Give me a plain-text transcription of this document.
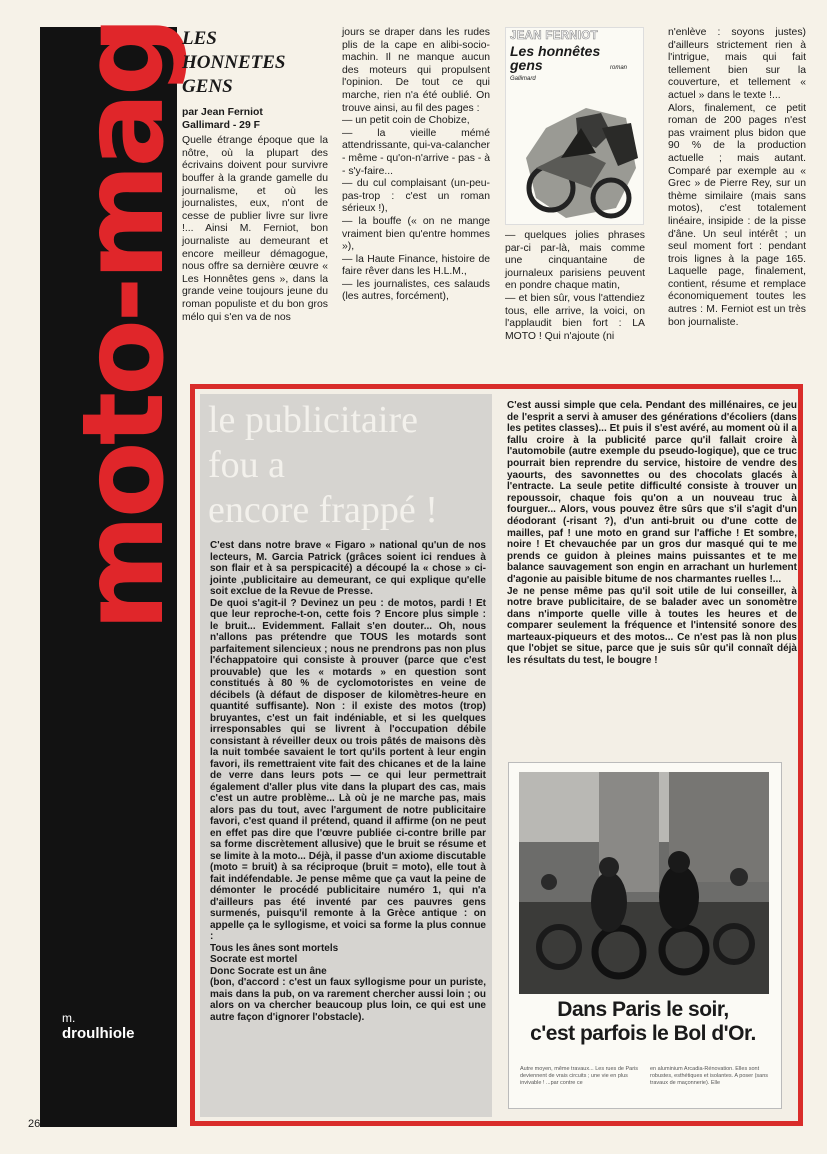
moto-mag
m.
droulhiole
26
LES
HONNETES
GENS
par Jean Ferniot
Gallimard - 29 F

Quelle étrange époque que la nôtre, où la plupart des écrivains doivent pour survivre bouffer à la grande gamelle du journalisme, et où les journalistes, eux, n'ont de cesse de publier livre sur livre !... Ainsi M. Ferniot, bon journaliste au demeurant et encore meilleur démagogue, nous offre sa dernière œuvre « Les Honnêtes gens », dans la grande veine toujours jeune du roman populiste et du bon gros mélo qui s'en va de nos

jours se draper dans les rudes plis de la cape en alibi-socio-machin. Il ne manque aucun des moteurs qui propulsent l'opinion. De tout ce qui marche, rien n'a été oublié. On trouve ainsi, au fil des pages :

— un petit coin de Chobize,

— la vieille mémé attendrissante, qui-va-calancher - même - qu'on-n'arrive - pas - à - s'y-faire...

— du cul complaisant (un-peu-pas-trop : c'est un roman sérieux !),

— la bouffe (« on ne mange vraiment bien qu'entre hommes »),

— la Haute Finance, histoire de faire rêver dans les H.L.M.,

— les journalistes, ces salauds (les autres, forcément),

JEAN FERNIOT
Les honnêtes
gens	roman
Gallimard

— quelques jolies phrases par-ci par-là, mais comme une cinquantaine de journaleux parisiens peuvent en pondre chaque matin,

— et bien sûr, vous l'attendiez tous, elle arrive, la voici, on l'applaudit bien fort : LA MOTO ! Qui n'ajoute (ni

n'enlève : soyons justes) d'ailleurs strictement rien à l'intrigue, mais qui fait tellement bien sur la couverture, et tellement « actuel » dans le texte !...

Alors, finalement, ce petit roman de 200 pages n'est pas vraiment plus bidon que 90 % de la production actuelle ; mais autant. Comparé par exemple au « Grec » de Pierre Rey, sur un thème similaire (mais sans motos), c'est totalement linéaire, insipide : de la pisse d'âne. Un seul intérêt ; un seul moment fort : pendant trois lignes à la page 165. Laquelle page, finalement, contient, résume et remplace économiquement toutes les autres : M. Ferniot est un très bon journaliste.

le publicitaire
fou a
encore frappé !

C'est dans notre brave « Figaro » national qu'un de nos lecteurs, M. Garcia Patrick (grâces soient ici rendues à son flair et à sa perspicacité) a découpé la « chose » ci-jointe ,publicitaire au demeurant, ce qui explique qu'elle soit exclue de la Revue de Presse.

De quoi s'agit-il ? Devinez un peu : de motos, pardi ! Et que leur reproche-t-on, cette fois ? Encore plus simple : le bruit... Evidemment. Fallait s'en douter... Oh, nous n'allons pas prétendre que TOUS les motards sont parfaitement silencieux ; nous ne prendrons pas non plus l'échappatoire qui consiste à prouver (parce que c'est prouvable) que les « motards » en question sont constitués à 80 % de cyclomotoristes en veine de décibels (à défaut de disposer de kilomètres-heure en quantité suffisante). Non : il existe des motos (trop) bruyantes, c'est un fait indéniable, et si les quelques irresponsables qui se livrent à l'occupation débile consistant à réveiller deux ou trois pâtés de maisons dès la nuit tombée savaient le tort qu'ils portent à leur engin favori, ils remettraient vite fait des chicanes et de la laine de verre dans leurs pots — ce qui leur permettrait également d'aller plus vite dans la plupart des cas, mais c'est un autre problème... Là où je ne marche pas, mais alors pas du tout, avec l'argument de notre publicitaire favori, c'est quand il prétend, quand il affirme (on ne peut en effet pas dire que l'œuvre publiée ci-contre brille par sa forme discrètement allusive) que le bruit se résume et se limite à la moto... Déjà, il passe d'un axiome discutable (moto = bruit) à sa réciproque (bruit = moto), elle tout à fait indéfendable. Je pense même que ça vaut la peine de démonter le procédé publicitaire numéro 1, qui n'a d'ailleurs pas été inventé par ces pauvres gens surmenés, puisqu'il remonte à la Grèce antique : on appelle ça le syllogisme, et voici sa forme la plus connue :

Tous les ânes sont mortels

Socrate est mortel

Donc Socrate est un âne

(bon, d'accord : c'est un faux syllogisme pour un puriste, mais dans la pub, on va rarement chercher aussi loin ; ou alors on va chercher beaucoup plus loin, ce qui est une autre façon d'ignorer l'obstacle).

C'est aussi simple que cela. Pendant des millénaires, ce jeu de l'esprit a servi à amuser des générations d'écoliers (dans les petites classes)... Et puis il s'est avéré, au moment où il a fallu croire à la publicité parce qu'il fallait croire à l'automobile (autre exemple du pseudo-logique), que ce truc pourrait bien reprendre du service, histoire de vendre des yaourts, des savonnettes ou des chocolats glacés à l'entracte. La seule petite difficulté consiste à trouver un repoussoir, chaque fois qu'on a un nouveau truc à fourguer... Alors, vous pouvez être sûrs que s'il s'agit d'un déodorant (-risant ?), d'un anti-bruit ou d'une cotte de mailles, paf ! une moto en grand sur l'affiche ! Et sombre, noire ! Et chevauchée par un gros dur masqué qui te me prends ce guidon à pleines mains puissantes et te me balance sauvagement son engin en arrachant un hurlement d'agonie au paisible bitume de nos charmantes ruelles !...

Je ne pense même pas qu'il soit utile de lui conseiller, à notre brave publicitaire, de se balader avec un sonomètre dans n'importe quelle ville à toutes les heures et de comparer seulement la fréquence et l'intensité sonore des marteaux-piqueurs et des motos... Ce n'est pas là non plus que l'objet se situe, parce que je suis sûr qu'il connaît déjà les résultats du test, le bougre !

Dans Paris le soir,
c'est parfois le Bol d'Or.
Autre moyen, même travaux... Les rues de Paris deviennent de vrais circuits ; une vie en plus invivable ! ...par contre ce
en aluminium Arcadia-Rénovation. Elles sont robustes, esthétiques et isolantes. A poser (sans travaux de maçonnerie). Elle
